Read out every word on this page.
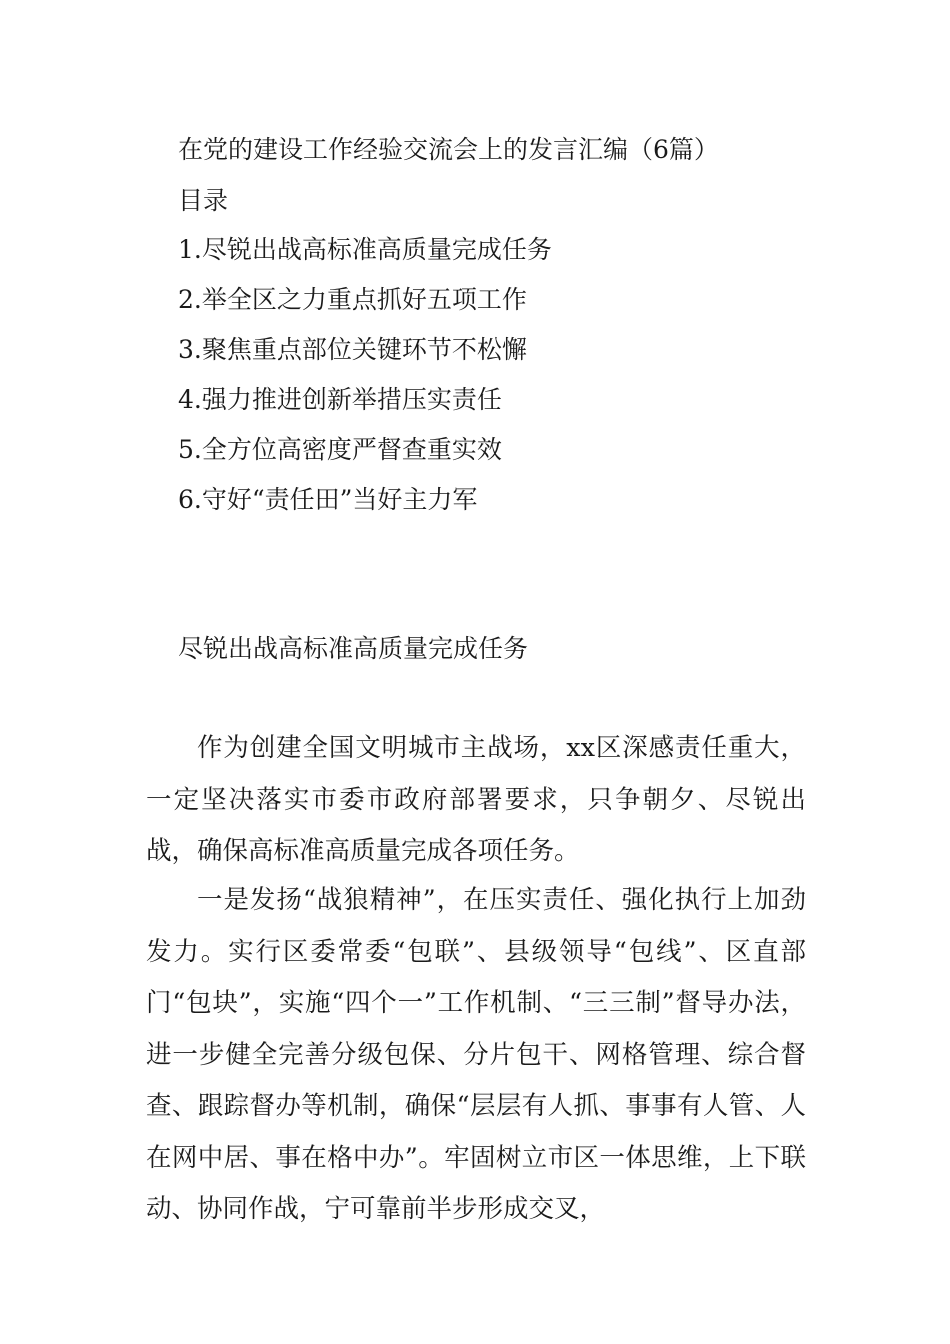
在党的建设工作经验交流会上的发言汇编（6篇）
目录
1.尽锐出战高标准高质量完成任务
2.举全区之力重点抓好五项工作
3.聚焦重点部位关键环节不松懈
4.强力推进创新举措压实责任
5.全方位高密度严督查重实效
6.守好“责任田”当好主力军
尽锐出战高标准高质量完成任务
作为创建全国文明城市主战场，xx区深感责任重大，一定坚决落实市委市政府部署要求，只争朝夕、尽锐出战，确保高标准高质量完成各项任务。
一是发扬“战狼精神”，在压实责任、强化执行上加劲发力。实行区委常委“包联”、县级领导“包线”、区直部门“包块”，实施“四个一”工作机制、“三三制”督导办法，进一步健全完善分级包保、分片包干、网格管理、综合督查、跟踪督办等机制，确保“层层有人抓、事事有人管、人在网中居、事在格中办”。牢固树立市区一体思维，上下联动、协同作战，宁可靠前半步形成交叉，
